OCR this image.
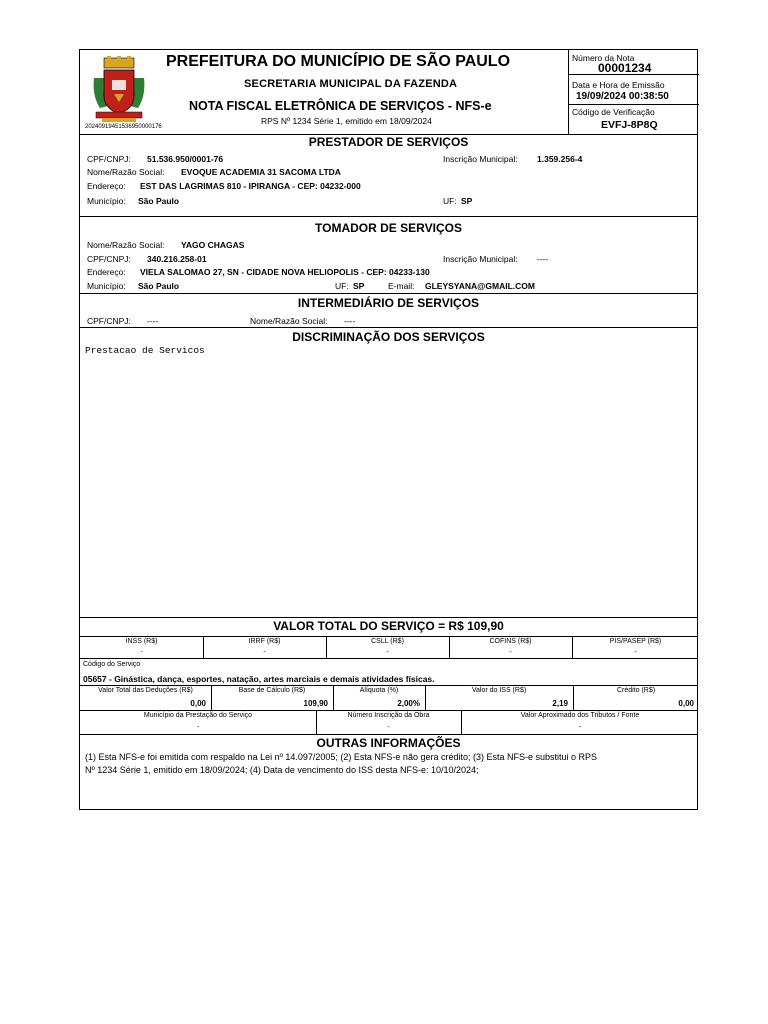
20240919451536950000176
PREFEITURA DO MUNICÍPIO DE SÃO PAULO
SECRETARIA MUNICIPAL DA FAZENDA
NOTA FISCAL ELETRÔNICA DE SERVIÇOS - NFS-e
RPS Nº 1234 Série 1, emitido em 18/09/2024
Número da Nota
00001234
Data e Hora de Emissão
19/09/2024 00:38:50
Código de Verificação
EVFJ-8P8Q
PRESTADOR DE SERVIÇOS
CPF/CNPJ: 51.536.950/0001-76	Inscrição Municipal: 1.359.256-4
Nome/Razão Social: EVOQUE ACADEMIA 31 SACOMA LTDA
Endereço: EST DAS LAGRIMAS 810 - IPIRANGA - CEP: 04232-000
Município: São Paulo	UF: SP
TOMADOR DE SERVIÇOS
Nome/Razão Social: YAGO CHAGAS
CPF/CNPJ: 340.216.258-01	Inscrição Municipal: ----
Endereço: VIELA SALOMAO 27, SN - CIDADE NOVA HELIOPOLIS - CEP: 04233-130
Município: São Paulo	UF: SP	E-mail: GLEYSYANA@GMAIL.COM
INTERMEDIÁRIO DE SERVIÇOS
CPF/CNPJ: ----	Nome/Razão Social: ----
DISCRIMINAÇÃO DOS SERVIÇOS
Prestacao de Servicos
VALOR TOTAL DO SERVIÇO = R$ 109,90
INSS (R$)	IRRF (R$)	CSLL (R$)	COFINS (R$)	PIS/PASEP (R$)
-	-	-	-	-
Código do Serviço
05657 - Ginástica, dança, esportes, natação, artes marciais e demais atividades físicas.
Valor Total das Deduções (R$)	Base de Cálculo (R$)	Alíquota (%)	Valor do ISS (R$)	Crédito (R$)
0,00	109,90	2,00%	2,19	0,00
Município da Prestação do Serviço	Número Inscrição da Obra	Valor Aproximado dos Tributos / Fonte
-	-	-
OUTRAS INFORMAÇÕES
(1) Esta NFS-e foi emitida com respaldo na Lei nº 14.097/2005; (2) Esta NFS-e não gera crédito; (3) Esta NFS-e substitui o RPS
Nº 1234 Série 1, emitido em 18/09/2024; (4) Data de vencimento do ISS desta NFS-e: 10/10/2024;
